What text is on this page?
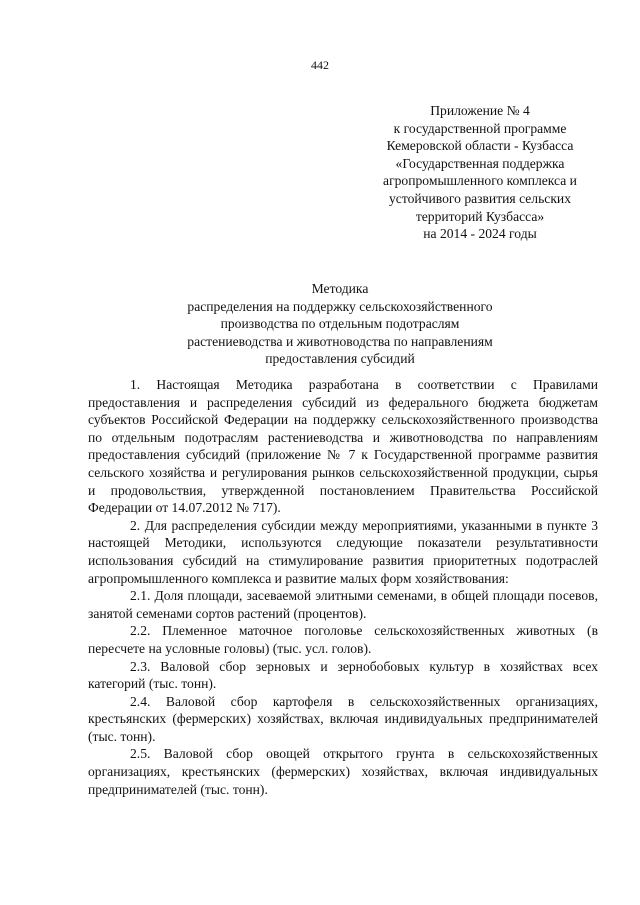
442
Приложение № 4
к государственной программе
Кемеровской области - Кузбасса
«Государственная поддержка
агропромышленного комплекса и
устойчивого развития сельских
территорий Кузбасса»
на 2014 - 2024 годы
Методика
распределения на поддержку сельскохозяйственного
производства по отдельным подотраслям
растениеводства и животноводства по направлениям
предоставления субсидий

1. Настоящая Методика разработана в соответствии с Правилами предоставления и распределения субсидий из федерального бюджета бюджетам субъектов Российской Федерации на поддержку сельскохозяйственного производства по отдельным подотраслям растениеводства и животноводства по направлениям предоставления субсидий (приложение № 7 к Государственной программе развития сельского хозяйства и регулирования рынков сельскохозяйственной продукции, сырья и продовольствия, утвержденной постановлением Правительства Российской Федерации от 14.07.2012 № 717).

2. Для распределения субсидии между мероприятиями, указанными в пункте 3 настоящей Методики, используются следующие показатели результативности использования субсидий на стимулирование развития приоритетных подотраслей агропромышленного комплекса и развитие малых форм хозяйствования:

2.1. Доля площади, засеваемой элитными семенами, в общей площади посевов, занятой семенами сортов растений (процентов).

2.2. Племенное маточное поголовье сельскохозяйственных животных (в пересчете на условные головы) (тыс. усл. голов).

2.3. Валовой сбор зерновых и зернобобовых культур в хозяйствах всех категорий (тыс. тонн).

2.4. Валовой сбор картофеля в сельскохозяйственных организациях, крестьянских (фермерских) хозяйствах, включая индивидуальных предпринимателей (тыс. тонн).

2.5. Валовой сбор овощей открытого грунта в сельскохозяйственных организациях, крестьянских (фермерских) хозяйствах, включая индивидуальных предпринимателей (тыс. тонн).
